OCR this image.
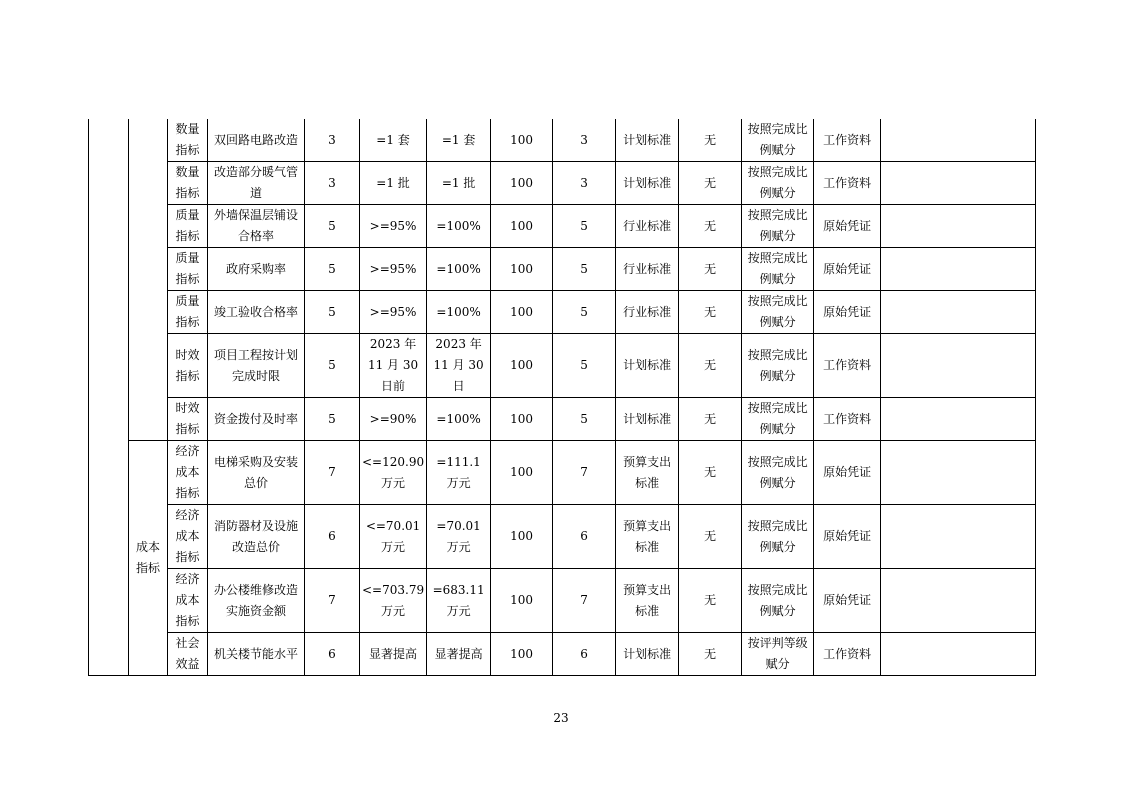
		数量指标	双回路电路改造	3	=1 套	=1 套	100	3	计划标准	无	按照完成比例赋分	工作资料	
		数量指标	改造部分暖气管道	3	=1 批	=1 批	100	3	计划标准	无	按照完成比例赋分	工作资料	
		质量指标	外墙保温层铺设合格率	5	>=95%	=100%	100	5	行业标准	无	按照完成比例赋分	原始凭证	
		质量指标	政府采购率	5	>=95%	=100%	100	5	行业标准	无	按照完成比例赋分	原始凭证	
		质量指标	竣工验收合格率	5	>=95%	=100%	100	5	行业标准	无	按照完成比例赋分	原始凭证	
		时效指标	项目工程按计划完成时限	5	2023 年 11 月 30 日前	2023 年 11 月 30 日	100	5	计划标准	无	按照完成比例赋分	工作资料	
		时效指标	资金拨付及时率	5	>=90%	=100%	100	5	计划标准	无	按照完成比例赋分	工作资料	
	成本指标	经济成本指标	电梯采购及安装总价	7	<=120.90 万元	=111.1 万元	100	7	预算支出标准	无	按照完成比例赋分	原始凭证	
		经济成本指标	消防器材及设施改造总价	6	<=70.01 万元	=70.01 万元	100	6	预算支出标准	无	按照完成比例赋分	原始凭证	
		经济成本指标	办公楼维修改造实施资金额	7	<=703.79 万元	=683.11 万元	100	7	预算支出标准	无	按照完成比例赋分	原始凭证	
		社会效益	机关楼节能水平	6	显著提高	显著提高	100	6	计划标准	无	按评判等级赋分	工作资料	
23
